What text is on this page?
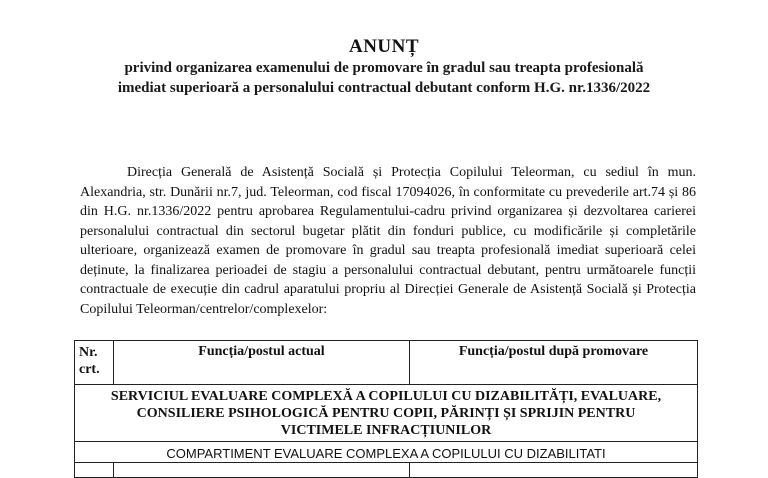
ANUNȚ
privind organizarea examenului de promovare în gradul sau treapta profesională
imediat superioară a personalului contractual debutant conform H.G. nr.1336/2022

Direcția Generală de Asistență Socială și Protecția Copilului Teleorman, cu sediul în mun. Alexandria, str. Dunării nr.7, jud. Teleorman, cod fiscal 17094026, în conformitate cu prevederile art.74 și 86 din H.G. nr.1336/2022 pentru aprobarea Regulamentului-cadru privind organizarea și dezvoltarea carierei personalului contractual din sectorul bugetar plătit din fonduri publice, cu modificările și completările ulterioare, organizează examen de promovare în gradul sau treapta profesională imediat superioară celei deținute, la finalizarea perioadei de stagiu a personalului contractual debutant, pentru următoarele funcții contractuale de execuție din cadrul aparatului propriu al Direcției Generale de Asistență Socială și Protecția Copilului Teleorman/centrelor/complexelor:

Nr. crt.	Funcția/postul actual	Funcția/postul după promovare
SERVICIUL EVALUARE COMPLEXĂ A COPILULUI CU DIZABILITĂȚI, EVALUARE, CONSILIERE PSIHOLOGICĂ PENTRU COPII, PĂRINȚI ȘI SPRIJIN PENTRU VICTIMELE INFRACȚIUNILOR		
COMPARTIMENT EVALUARE COMPLEXA A COPILULUI CU DIZABILITATI		
